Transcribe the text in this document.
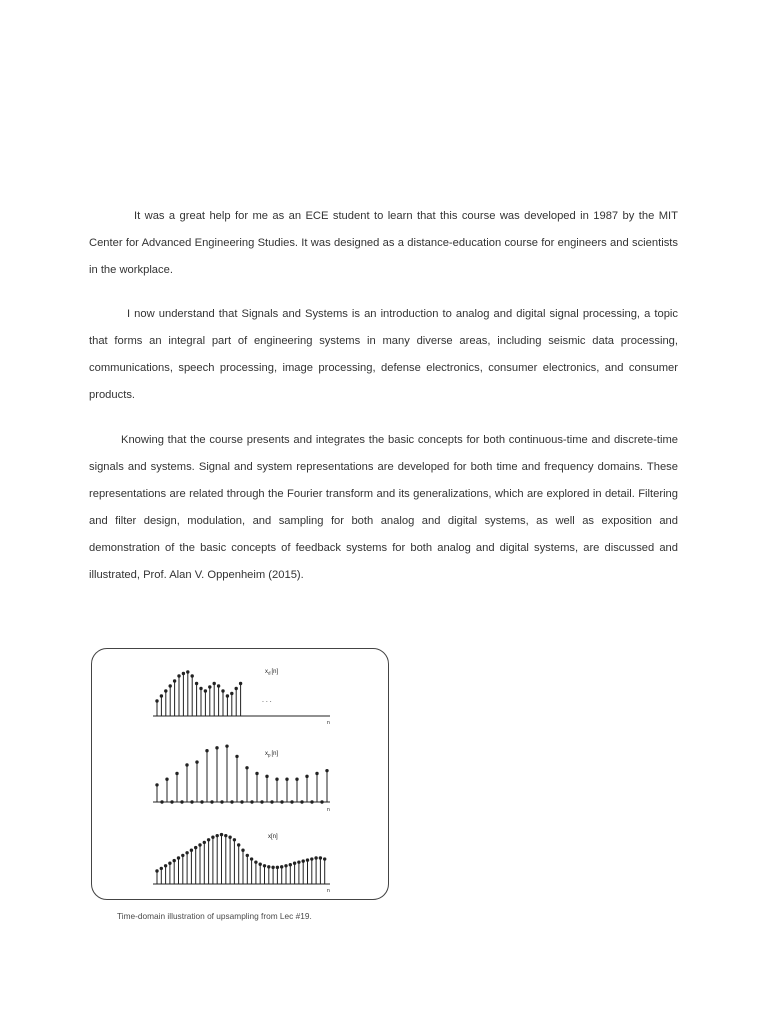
It was a great help for me as an ECE student to learn that this course was developed in 1987 by the MIT Center for Advanced Engineering Studies. It was designed as a distance-education course for engineers and scientists in the workplace.

I now understand that Signals and Systems is an introduction to analog and digital signal processing, a topic that forms an integral part of engineering systems in many diverse areas, including seismic data processing, communications, speech processing, image processing, defense electronics, consumer electronics, and consumer products.

Knowing that the course presents and integrates the basic concepts for both continuous-time and discrete-time signals and systems. Signal and system representations are developed for both time and frequency domains. These representations are related through the Fourier transform and its generalizations, which are explored in detail. Filtering and filter design, modulation, and sampling for both analog and digital systems, as well as exposition and demonstration of the basic concepts of feedback systems for both analog and digital systems, are discussed and illustrated, Prof. Alan V. Oppenheim (2015).

$x_d[n]$
n
. . .
$x_p[n]$
n
x[n]
n

Time-domain illustration of upsampling from Lec #19.
